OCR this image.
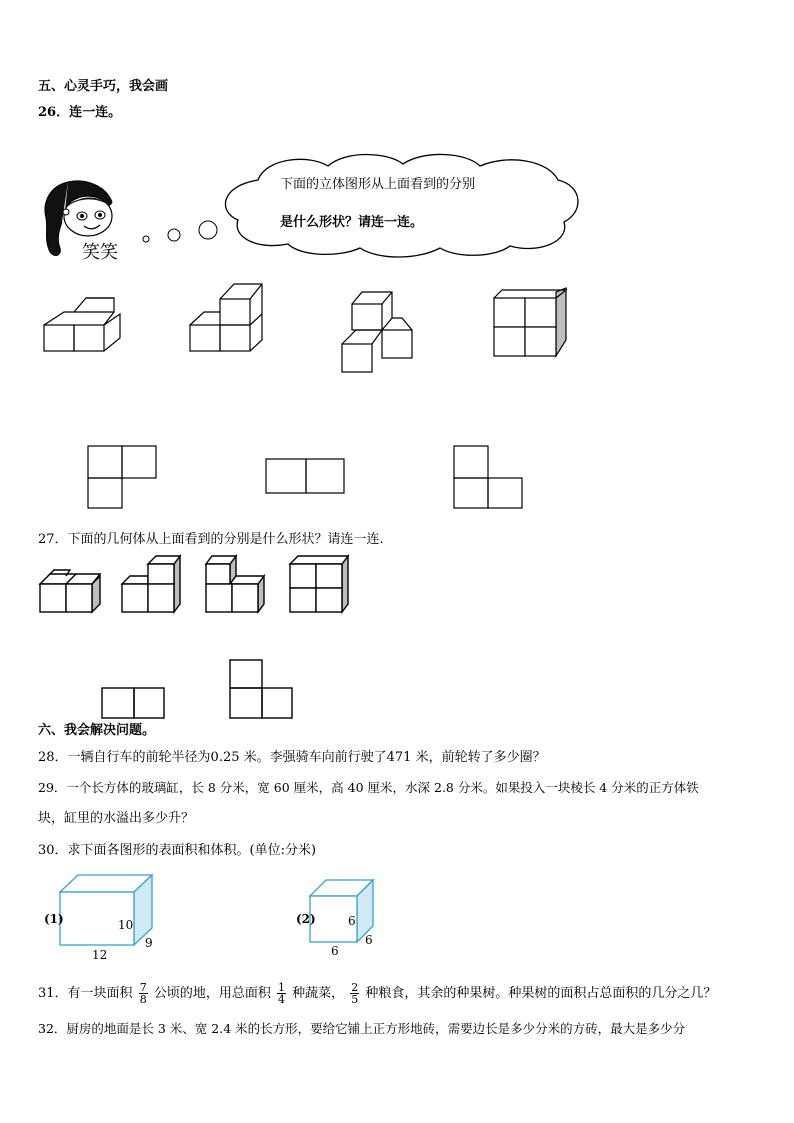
五、心灵手巧，我会画
26．连一连。
笑笑
下面的立体图形从上面看到的分别
是什么形状？请连一连。
27．下面的几何体从上面看到的分别是什么形状？请连一连.
六、我会解决问题。
28．一辆自行车的前轮半径为0.25 米。李强骑车向前行驶了471 米，前轮转了多少圈？
29．一个长方体的玻璃缸，长 8 分米，宽 60 厘米，高 40 厘米，水深 2.8 分米。如果投入一块棱长 4 分米的正方体铁
块，缸里的水溢出多少升？
30．求下面各图形的表面积和体积。(单位:分米)
(1)	10
9
12
(2)	6
6
6
31．有一块面积 $\frac{7}{8}$ 公顷的地，用总面积 $\frac{1}{4}$ 种蔬菜， $\frac{2}{5}$ 种粮食，其余的种果树。种果树的面积占总面积的几分之几？
32．厨房的地面是长 3 米、宽 2.4 米的长方形，要给它铺上正方形地砖，需要边长是多少分米的方砖，最大是多少分
